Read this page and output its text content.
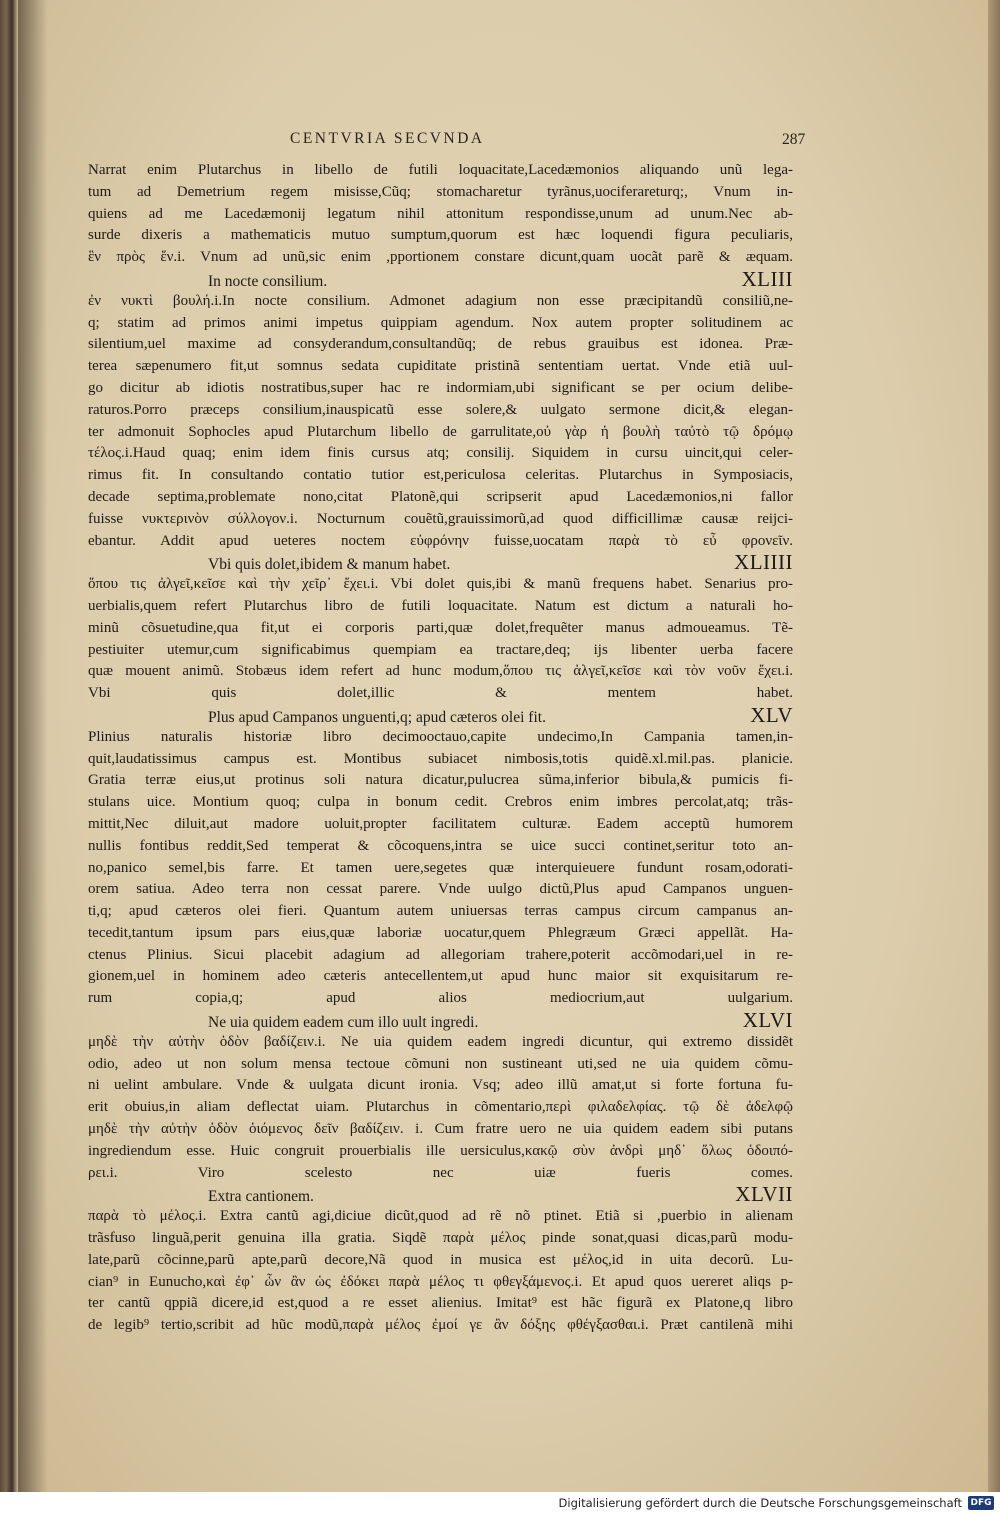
CENTVRIA SECVNDA	287
Narrat enim Plutarchus in libello de futili loquacitate,Lacedæmonios aliquando unũ lega-
tum ad Demetrium regem misisse,Cũq; stomacharetur tyrãnus,uociferareturq;, Vnum in-
quiens ad me Lacedæmonĳ legatum nihil attonitum respondisse,unum ad unum.Nec ab-
surde dixeris a mathematicis mutuo sumptum,quorum est hæc loquendi figura peculiaris,
ἓν πρὸς ἕν.i. Vnum ad unũ,sic enim ,pportionem constare dicunt,quam uocãt parẽ & æquam.
In nocte consilium.	XLIII
ἐν νυκτὶ βουλή.i.In nocte consilium. Admonet adagium non esse præcipitandũ consiliũ,ne-
q; statim ad primos animi impetus quippiam agendum. Nox autem propter solitudinem ac
silentium,uel maxime ad consyderandum,consultandũq; de rebus grauibus est idonea. Præ-
terea sæpenumero fit,ut somnus sedata cupiditate pristinã sententiam uertat. Vnde etiã uul-
go dicitur ab idiotis nostratibus,super hac re indormiam,ubi significant se per ocium delibe-
raturos.Porro præceps consilium,inauspicatũ esse solere,& uulgato sermone dicit,& elegan-
ter admonuit Sophocles apud Plutarchum libello de garrulitate,οὐ γὰρ ἡ βουλὴ ταὐτὸ τῷ δρόμῳ
τέλος.i.Haud quaq; enim idem finis cursus atq; consilĳ. Siquidem in cursu uincit,qui celer-
rimus fit. In consultando contatio tutior est,periculosa celeritas. Plutarchus in Symposiacis,
decade septima,problemate nono,citat Platonẽ,qui scripserit apud Lacedæmonios,ni fallor
fuisse νυκτερινὸν σύλλογον.i. Nocturnum couẽtũ,grauissimorũ,ad quod difficillimæ causæ reĳci-
ebantur. Addit apud ueteres noctem εὐφρόνην fuisse,uocatam παρὰ τὸ εὖ φρονεῖν.
Vbi quis dolet,ibidem & manum habet.	XLIIII
ὅπου τις ἀλγεῖ,κεῖσε καὶ τὴν χεῖρ᾽ ἔχει.i. Vbi dolet quis,ibi & manũ frequens habet. Senarius pro-
uerbialis,quem refert Plutarchus libro de futili loquacitate. Natum est dictum a naturali ho-
minũ cõsuetudine,qua fit,ut ei corporis parti,quæ dolet,frequẽter manus admoueamus. Tẽ-
pestiuiter utemur,cum significabimus quempiam ea tractare,deq; ĳs libenter uerba facere
quæ mouent animũ. Stobæus idem refert ad hunc modum,ὅπου τις ἀλγεῖ,κεῖσε καὶ τὸν νοῦν ἔχει.i.
Vbi quis dolet,illic & mentem habet.
Plus apud Campanos unguenti,q; apud cæteros olei fit.	XLV
Plinius naturalis historiæ libro decimooctauo,capite undecimo,In Campania tamen,in-
quit,laudatissimus campus est. Montibus subiacet nimbosis,totis quidẽ.xl.mil.pas. planicie.
Gratia terræ eius,ut protinus soli natura dicatur,pulucrea sũma,inferior bibula,& pumicis fi-
stulans uice. Montium quoq; culpa in bonum cedit. Crebros enim imbres percolat,atq; trãs-
mittit,Nec diluit,aut madore uoluit,propter facilitatem culturæ. Eadem acceptũ humorem
nullis fontibus reddit,Sed temperat & cõcoquens,intra se uice succi continet,seritur toto an-
no,panico semel,bis farre. Et tamen uere,segetes quæ interquieuere fundunt rosam,odorati-
orem satiua. Adeo terra non cessat parere. Vnde uulgo dictũ,Plus apud Campanos unguen-
ti,q; apud cæteros olei fieri. Quantum autem uniuersas terras campus circum campanus an-
tecedit,tantum ipsum pars eius,quæ laboriæ uocatur,quem Phlegræum Græci appellãt. Ha-
ctenus Plinius. Sicui placebit adagium ad allegoriam trahere,poterit accõmodari,uel in re-
gionem,uel in hominem adeo cæteris antecellentem,ut apud hunc maior sit exquisitarum re-
rum copia,q; apud alios mediocrium,aut uulgarium.
Ne uia quidem eadem cum illo uult ingredi.	XLVI
μηδὲ τὴν αὐτὴν ὁδὸν βαδίζειν.i. Ne uia quidem eadem ingredi dicuntur, qui extremo dissidẽt
odio, adeo ut non solum mensa tectoue cõmuni non sustineant uti,sed ne uia quidem cõmu-
ni uelint ambulare. Vnde & uulgata dicunt ironia. Vsq; adeo illũ amat,ut si forte fortuna fu-
erit obuius,in aliam deflectat uiam. Plutarchus in cõmentario,περὶ φιλαδελφίας. τῷ δὲ ἀδελφῷ
μηδὲ τὴν αὐτὴν ὁδὸν ὁιόμενος δεῖν βαδίζειν. i. Cum fratre uero ne uia quidem eadem sibi putans
ingrediendum esse. Huic congruit prouerbialis ille uersiculus,κακῷ σὺν ἀνδρὶ μηδ᾽ ὅλως ὁδοιπό-
ρει.i. Viro scelesto nec uiæ fueris comes.
Extra cantionem.	XLVII
παρὰ τὸ μέλος.i. Extra cantũ agi,diciue dicũt,quod ad rẽ nõ ptinet. Etiã si ,puerbio in alienam
trãsfuso linguã,perit genuina illa gratia. Siqdẽ παρὰ μέλος pinde sonat,quasi dicas,parũ modu-
late,parũ cõcinne,parũ apte,parũ decore,Nã quod in musica est μέλος,id in uita decorũ. Lu-
cian⁹ in Eunucho,καὶ ἐφ᾽ ὧν ἂν ὡς ἐδόκει παρὰ μέλος τι φθεγξάμενος.i. Et apud quos uereret aliqs p-
ter cantũ qppiã dicere,id est,quod a re esset alienius. Imitat⁹ est hãc figurã ex Platone,q libro
de legib⁹ tertio,scribit ad hũc modũ,παρὰ μέλος ἐμοί γε ἂν δόξης φθέγξασθαι.i. Præt cantilenã mihi
Digitalisierung gefördert durch die Deutsche Forschungsgemeinschaft DFG
